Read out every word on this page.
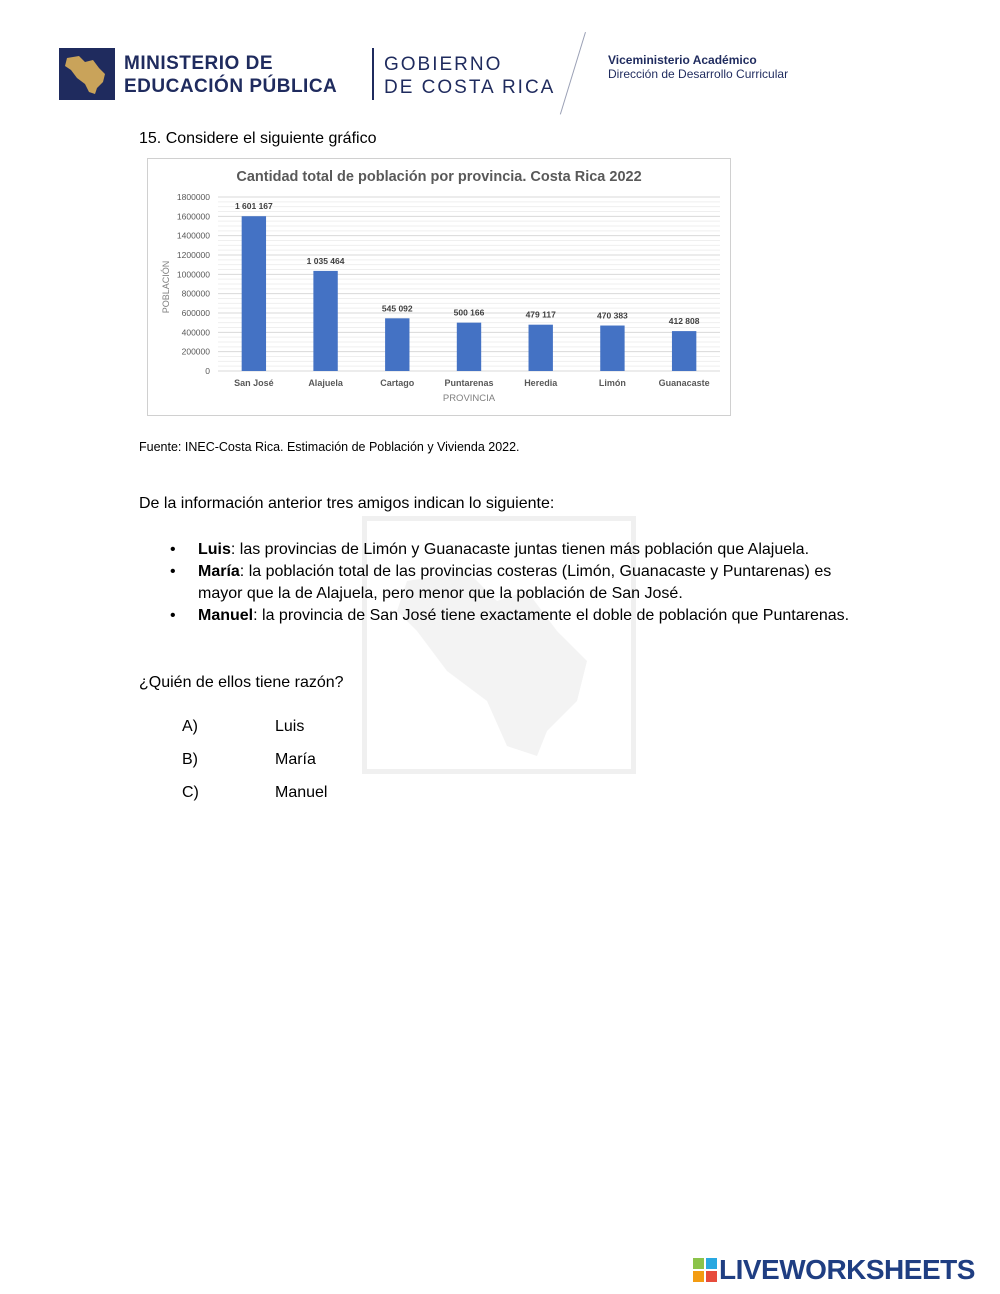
MINISTERIO DE
EDUCACIÓN PÚBLICA
GOBIERNO
DE COSTA RICA
Viceministerio Académico
Dirección de Desarrollo Curricular
15. Considere el siguiente gráfico
Cantidad total de población por provincia. Costa Rica 2022
0
200000
400000
600000
800000
1000000
1200000
1400000
1600000
1800000
1 601 167
1 035 464
545 092	500 166	479 117	470 383
412 808
San José	Alajuela	Cartago	Puntarenas	Heredia	Limón	Guanacaste
POBLACIÓN
PROVINCIA
Fuente: INEC-Costa Rica. Estimación de Población y Vivienda 2022.
De la información anterior tres amigos indican lo siguiente:
• Luis: las provincias de Limón y Guanacaste juntas tienen más población que Alajuela.
• María: la población total de las provincias costeras (Limón, Guanacaste y Puntarenas) es mayor que la de Alajuela, pero menor que la población de San José.
• Manuel: la provincia de San José tiene exactamente el doble de población que Puntarenas.
¿Quién de ellos tiene razón?
A)	Luis
B)	María
C)	Manuel
LIVEWORKSHEETS
